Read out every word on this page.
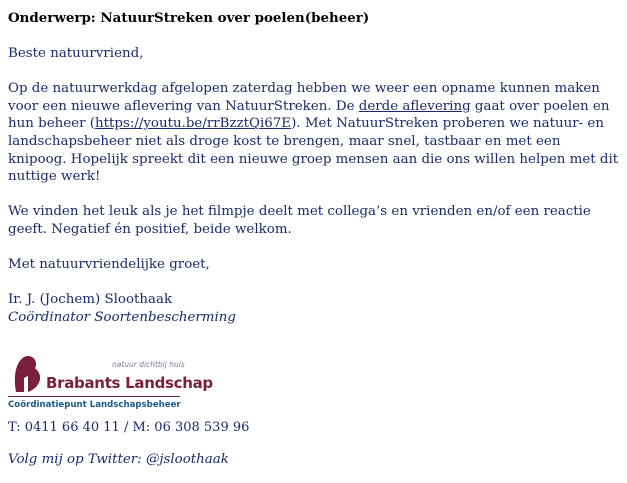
Onderwerp: NatuurStreken over poelen(beheer)

Beste natuurvriend,

Op de natuurwerkdag afgelopen zaterdag hebben we weer een opname kunnen maken voor een nieuwe aflevering van NatuurStreken. De derde aflevering gaat over poelen en hun beheer (https://youtu.be/rrBzztQi67E). Met NatuurStreken proberen we natuur- en landschapsbeheer niet als droge kost te brengen, maar snel, tastbaar en met een knipoog. Hopelijk spreekt dit een nieuwe groep mensen aan die ons willen helpen met dit nuttige werk!

We vinden het leuk als je het filmpje deelt met collega’s en vrienden en/of een reactie geeft. Negatief én positief, beide welkom.

Met natuurvriendelijke groet,

Ir. J. (Jochem) Sloothaak

Coördinator Soortenbescherming

natuur dichtbij huis
Brabants Landschap
Coördinatiepunt Landschapsbeheer
T: 0411 66 40 11 / M: 06 308 539 96
Volg mij op Twitter: @jsloothaak
